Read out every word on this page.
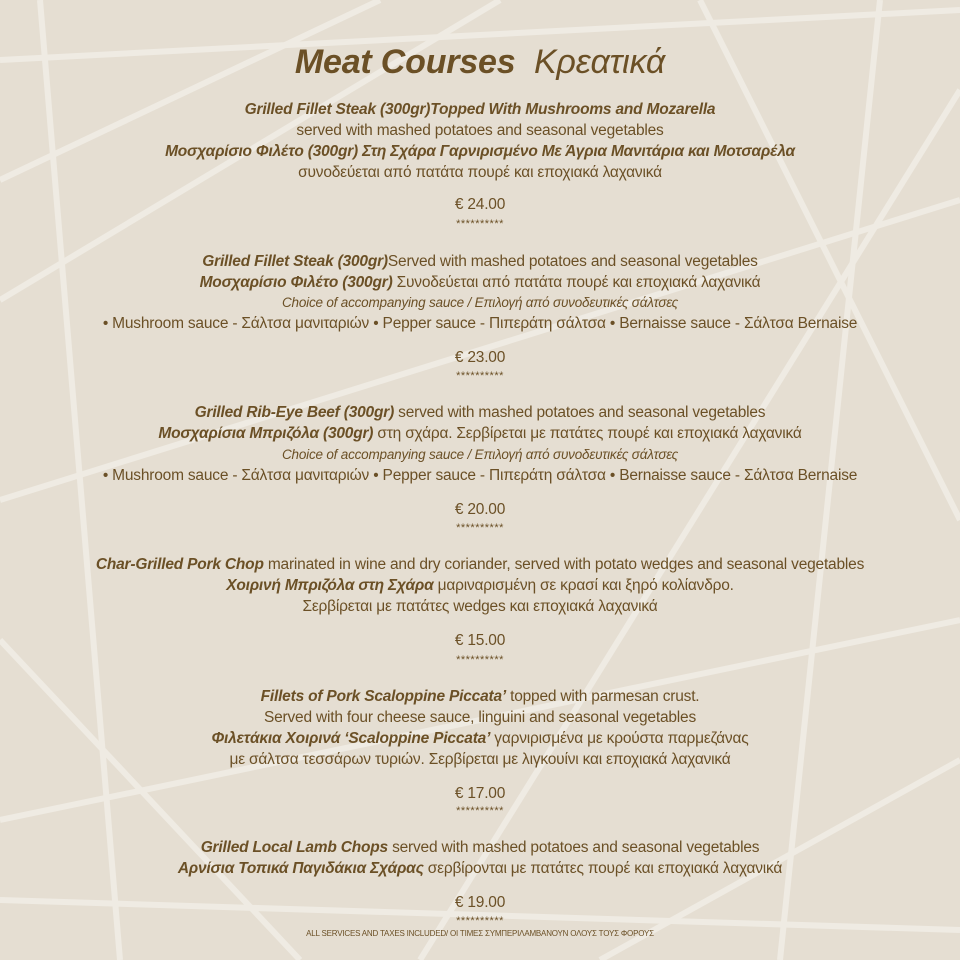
Meat Courses Κρεατικά
Grilled Fillet Steak (300gr)Topped With Mushrooms and Mozarella
served with mashed potatoes and seasonal vegetables
Μοσχαρίσιο Φιλέτο (300gr) Στη Σχάρα Γαρνιρισμένο Με Άγρια Μανιτάρια και Μοτσαρέλα
συνοδεύεται από πατάτα πουρέ και εποχιακά λαχανικά
€ 24.00
**********
Grilled Fillet Steak (300gr)Served with mashed potatoes and seasonal vegetables
Μοσχαρίσιο Φιλέτο (300gr) Συνοδεύεται από πατάτα πουρέ και εποχιακά λαχανικά
Choice of accompanying sauce / Επιλογή από συνοδευτικές σάλτσες
• Mushroom sauce - Σάλτσα μανιταριών • Pepper sauce - Πιπεράτη σάλτσα • Bernaisse sauce - Σάλτσα Bernaise
€ 23.00
**********
Grilled Rib-Eye Beef (300gr) served with mashed potatoes and seasonal vegetables
Μοσχαρίσια Μπριζόλα (300gr) στη σχάρα. Σερβίρεται με πατάτες πουρέ και εποχιακά λαχανικά
Choice of accompanying sauce / Επιλογή από συνοδευτικές σάλτσες
• Mushroom sauce - Σάλτσα μανιταριών • Pepper sauce - Πιπεράτη σάλτσα • Bernaisse sauce - Σάλτσα Bernaise
€ 20.00
**********
Char-Grilled Pork Chop marinated in wine and dry coriander, served with potato wedges and seasonal vegetables
Χοιρινή Μπριζόλα στη Σχάρα μαριναρισμένη σε κρασί και ξηρό κολίανδρο.
Σερβίρεται με πατάτες wedges και εποχιακά λαχανικά
€ 15.00
**********
Fillets of Pork Scaloppine Piccata’ topped with parmesan crust.
Served with four cheese sauce, linguini and seasonal vegetables
Φιλετάκια Χοιρινά ‘Scaloppine Piccata’ γαρνιρισμένα με κρούστα παρμεζάνας
με σάλτσα τεσσάρων τυριών. Σερβίρεται με λιγκουίνι και εποχιακά λαχανικά
€ 17.00
**********
Grilled Local Lamb Chops served with mashed potatoes and seasonal vegetables
Αρνίσια Τοπικά Παγιδάκια Σχάρας σερβίρονται με πατάτες πουρέ και εποχιακά λαχανικά
€ 19.00
**********
ALL SERVICES AND TAXES INCLUDED/ ΟΙ ΤΙΜΕΣ ΣΥΜΠΕΡΙΛΑΜΒΑΝΟΥΝ ΟΛΟΥΣ ΤΟΥΣ ΦΟΡΟΥΣ
